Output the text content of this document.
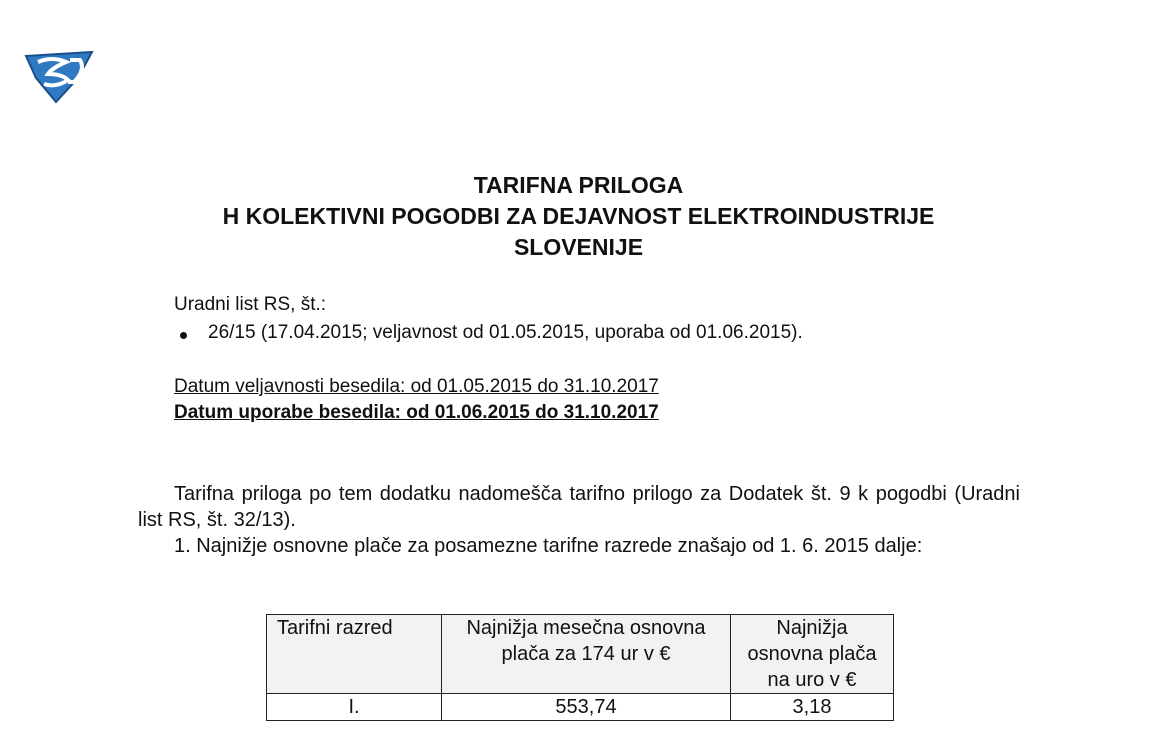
TARIFNA PRILOGA
H KOLEKTIVNI POGODBI ZA DEJAVNOST ELEKTROINDUSTRIJE
SLOVENIJE
Uradni list RS, št.:
26/15 (17.04.2015; veljavnost od 01.05.2015, uporaba od 01.06.2015).
Datum veljavnosti besedila: od 01.05.2015 do 31.10.2017
Datum uporabe besedila: od 01.06.2015 do 31.10.2017
Tarifna priloga po tem dodatku nadomešča tarifno prilogo za Dodatek št. 9 k pogodbi (Uradni list RS, št. 32/13).
1. Najnižje osnovne plače za posamezne tarifne razrede znašajo od 1. 6. 2015 dalje:
Tarifni razred	Najnižja mesečna osnovna plača za 174 ur v €	Najnižja osnovna plača na uro v €
I.	553,74	3,18
